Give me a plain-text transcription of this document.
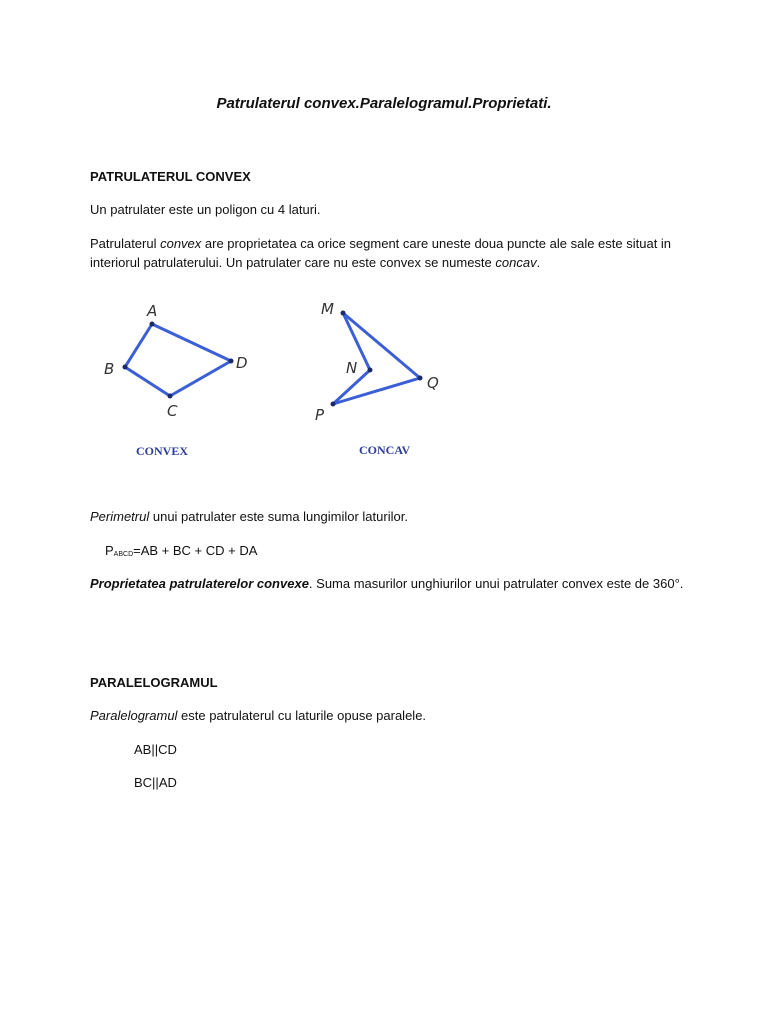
Patrulaterul convex.Paralelogramul.Proprietati.

PATRULATERUL CONVEX

Un patrulater este un poligon cu 4 laturi.

Patrulaterul convex are proprietatea ca orice segment care uneste doua puncte ale sale este situat in

interiorul patrulaterului. Un patrulater care nu este convex se numeste concav.

A
B
C
D
CONVEX
M
N
P
Q
CONCAV

Perimetrul unui patrulater este suma lungimilor laturilor.

$P_{ABCD}=AB$ + BC + CD + DA

Proprietatea patrulaterelor convexe. Suma masurilor unghiurilor unui patrulater convex este de 360°.

PARALELOGRAMUL

Paralelogramul este patrulaterul cu laturile opuse paralele.

AB||CD

BC||AD
